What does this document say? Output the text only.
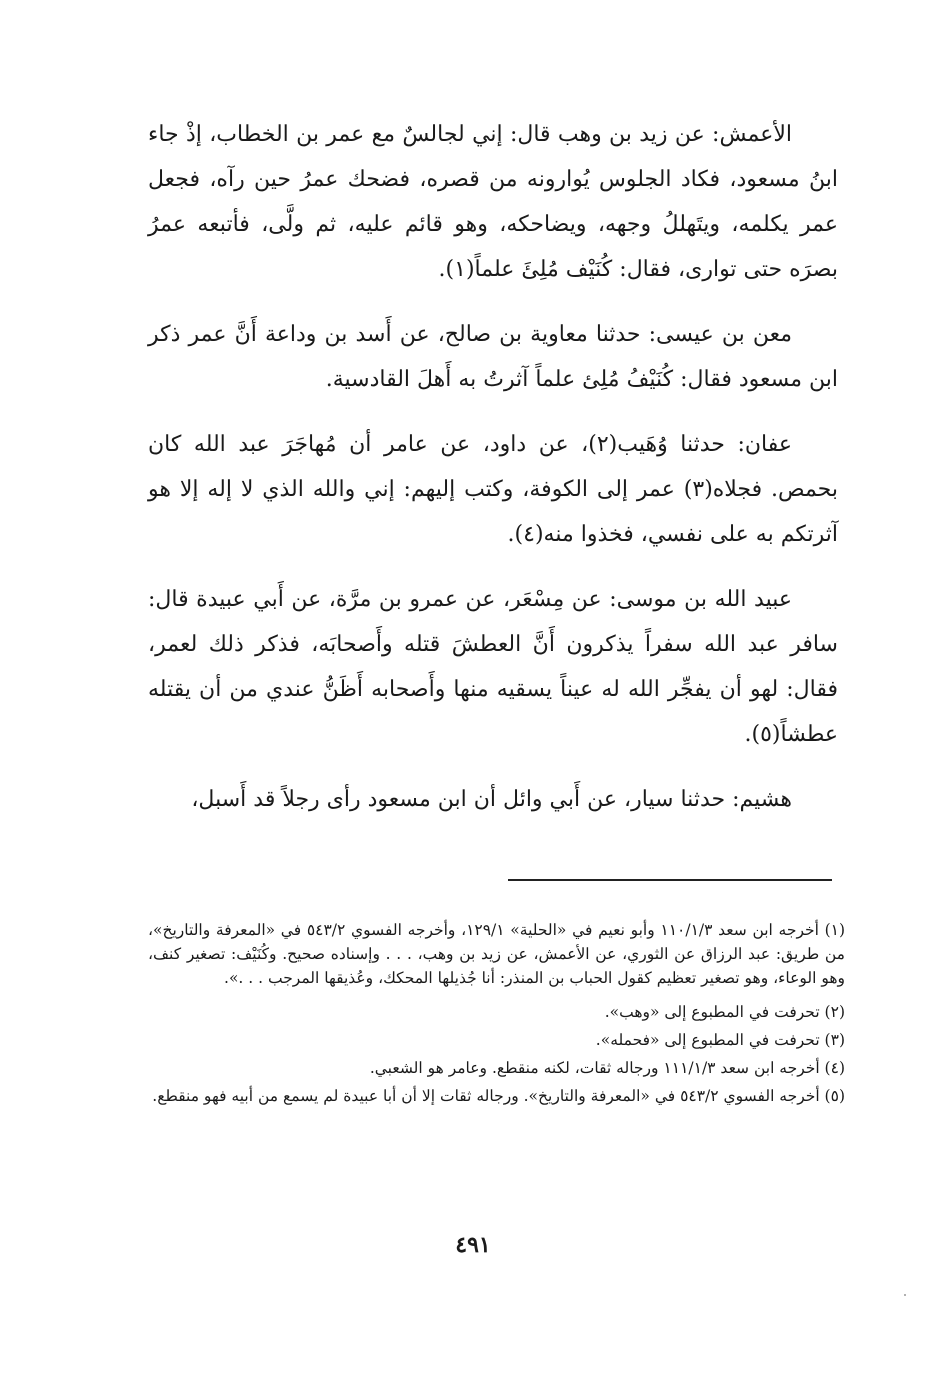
الأعمش: عن زيد بن وهب قال: إني لجالسٌ مع عمر بن الخطاب، إذْ جاء ابنُ مسعود، فكاد الجلوس يُوارونه من قصره، فضحك عمرُ حين رآه، فجعل عمر يكلمه، ويتَهللُ وجهه، ويضاحكه، وهو قائم عليه، ثم ولَّى، فأتبعه عمرُ بصرَه حتى توارى، فقال: كُنَيْف مُلِئَ علماً(١).

معن بن عيسى: حدثنا معاوية بن صالح، عن أَسد بن وداعة أَنَّ عمر ذكر ابن مسعود فقال: كُنَيْفُ مُلِئ علماً آثرتُ به أَهلَ القادسية.

عفان: حدثنا وُهَيب(٢)، عن داود، عن عامر أن مُهاجَرَ عبد الله كان بحمص. فجلاه(٣) عمر إلى الكوفة، وكتب إليهم: إني والله الذي لا إله إلا هو آثرتكم به على نفسي، فخذوا منه(٤).

عبيد الله بن موسى: عن مِسْعَر، عن عمرو بن مرَّة، عن أَبي عبيدة قال: سافر عبد الله سفراً يذكرون أَنَّ العطشَ قتله وأَصحابَه، فذكر ذلك لعمر، فقال: لهو أن يفجِّر الله له عيناً يسقيه منها وأَصحابه أَظَنُّ عندي من أن يقتله عطشاً(٥).

هشيم: حدثنا سيار، عن أَبي وائل أن ابن مسعود رأى رجلاً قد أَسبل،

(١) أخرجه ابن سعد ١١٠/١/٣ وأبو نعيم في «الحلية» ١٢٩/١، وأخرجه الفسوي ٥٤٣/٢ في «المعرفة والتاريخ»، من طريق: عبد الرزاق عن الثوري، عن الأعمش، عن زيد بن وهب، . . . وإسناده صحيح. وكُنَيْف: تصغير كنف، وهو الوعاء، وهو تصغير تعظيم كقول الحباب بن المنذر: أنا جُذيلها المحكك، وعُذيقها المرجب . . .».

(٢) تحرفت في المطبوع إلى «وهب».

(٣) تحرفت في المطبوع إلى «فحمله».

(٤) أخرجه ابن سعد ١١١/١/٣ ورجاله ثقات، لكنه منقطع. وعامر هو الشعبي.

(٥) أخرجه الفسوي ٥٤٣/٢ في «المعرفة والتاريخ». ورجاله ثقات إلا أن أبا عبيدة لم يسمع من أبيه فهو منقطع.

٤٩١
